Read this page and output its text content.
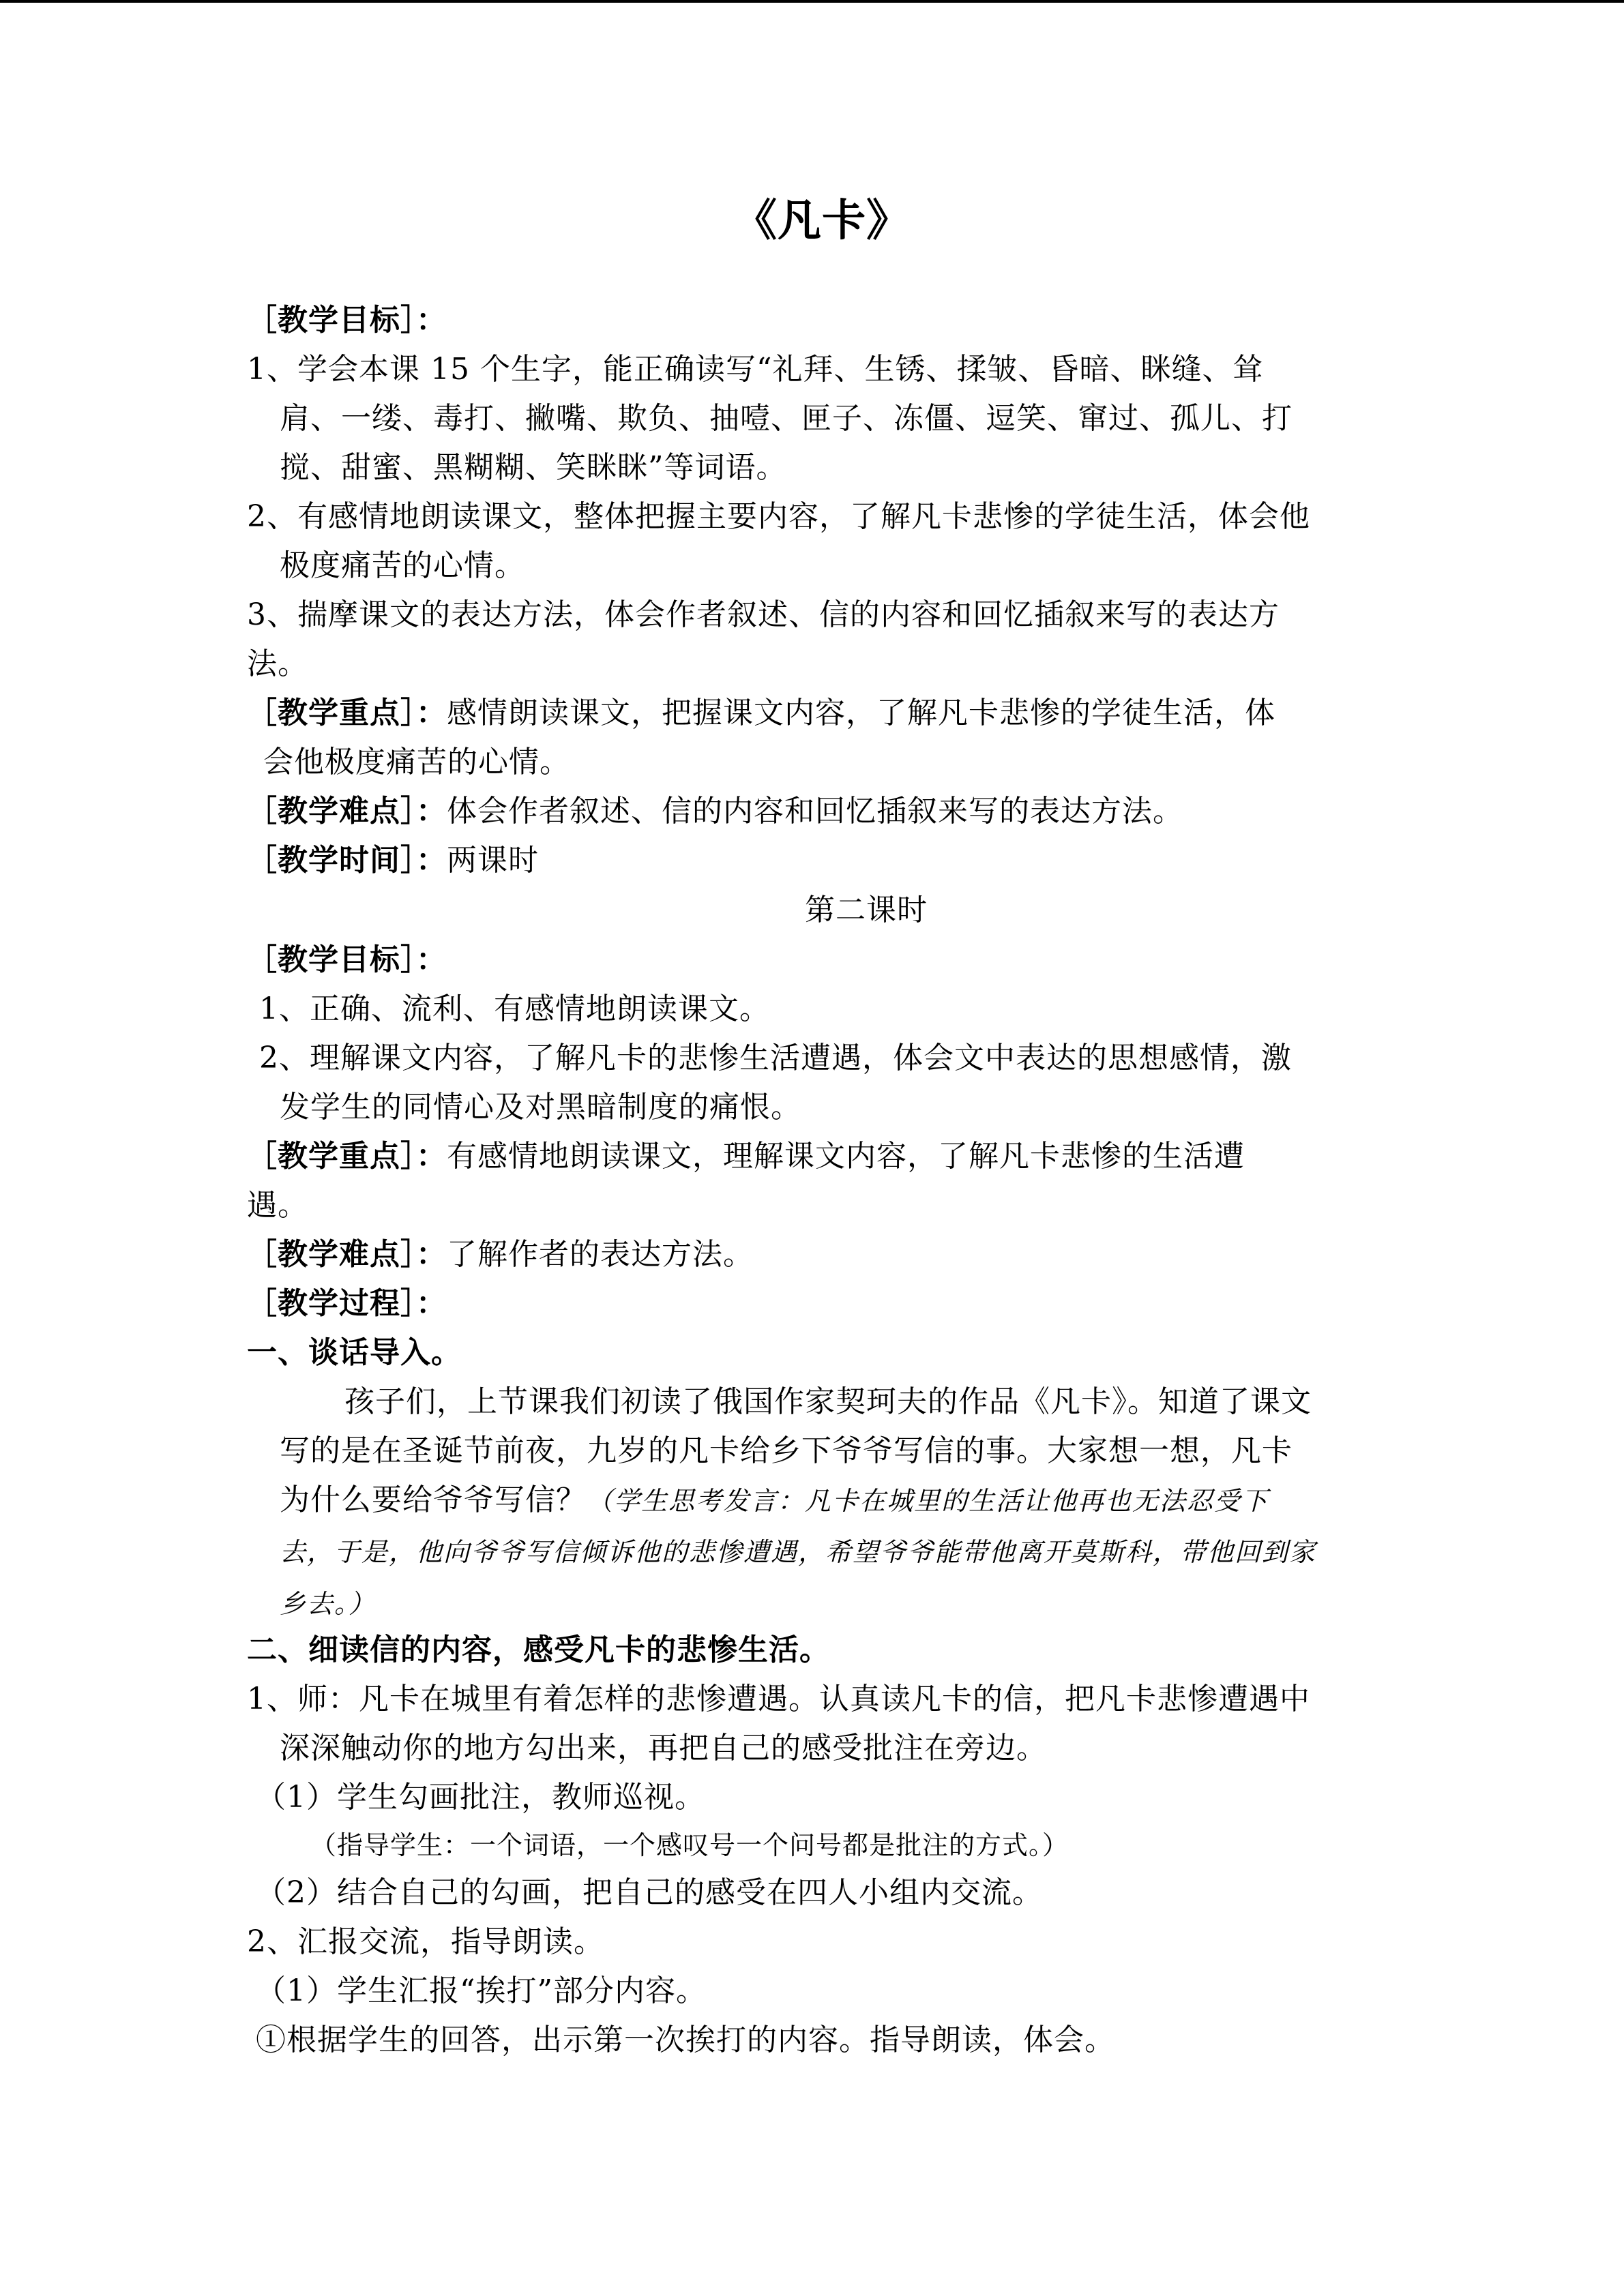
《凡卡》
［教学目标］：
1、学会本课 15 个生字，能正确读写“礼拜、生锈、揉皱、昏暗、眯缝、耸
肩、一缕、毒打、撇嘴、欺负、抽噎、匣子、冻僵、逗笑、窜过、孤儿、打
搅、甜蜜、黑糊糊、笑眯眯”等词语。
2、有感情地朗读课文，整体把握主要内容，了解凡卡悲惨的学徒生活，体会他
极度痛苦的心情。
3、揣摩课文的表达方法，体会作者叙述、信的内容和回忆插叙来写的表达方
法。
［教学重点］：感情朗读课文，把握课文内容，了解凡卡悲惨的学徒生活，体
会他极度痛苦的心情。
［教学难点］：体会作者叙述、信的内容和回忆插叙来写的表达方法。
［教学时间］：两课时
第二课时
［教学目标］：
1、正确、流利、有感情地朗读课文。
2、理解课文内容，了解凡卡的悲惨生活遭遇，体会文中表达的思想感情，激
发学生的同情心及对黑暗制度的痛恨。
［教学重点］：有感情地朗读课文，理解课文内容，了解凡卡悲惨的生活遭
遇。
［教学难点］：了解作者的表达方法。
［教学过程］：
一、谈话导入。
孩子们，上节课我们初读了俄国作家契珂夫的作品《凡卡》。知道了课文
写的是在圣诞节前夜，九岁的凡卡给乡下爷爷写信的事。大家想一想，凡卡
为什么要给爷爷写信？（学生思考发言：凡卡在城里的生活让他再也无法忍受下
去，于是，他向爷爷写信倾诉他的悲惨遭遇，希望爷爷能带他离开莫斯科，带他回到家
乡去。）
二、细读信的内容，感受凡卡的悲惨生活。
1、师：凡卡在城里有着怎样的悲惨遭遇。认真读凡卡的信，把凡卡悲惨遭遇中
深深触动你的地方勾出来，再把自己的感受批注在旁边。
（1）学生勾画批注，教师巡视。
（指导学生：一个词语，一个感叹号一个问号都是批注的方式。）
（2）结合自己的勾画，把自己的感受在四人小组内交流。
2、汇报交流，指导朗读。
（1）学生汇报“挨打”部分内容。
①根据学生的回答，出示第一次挨打的内容。指导朗读，体会。
